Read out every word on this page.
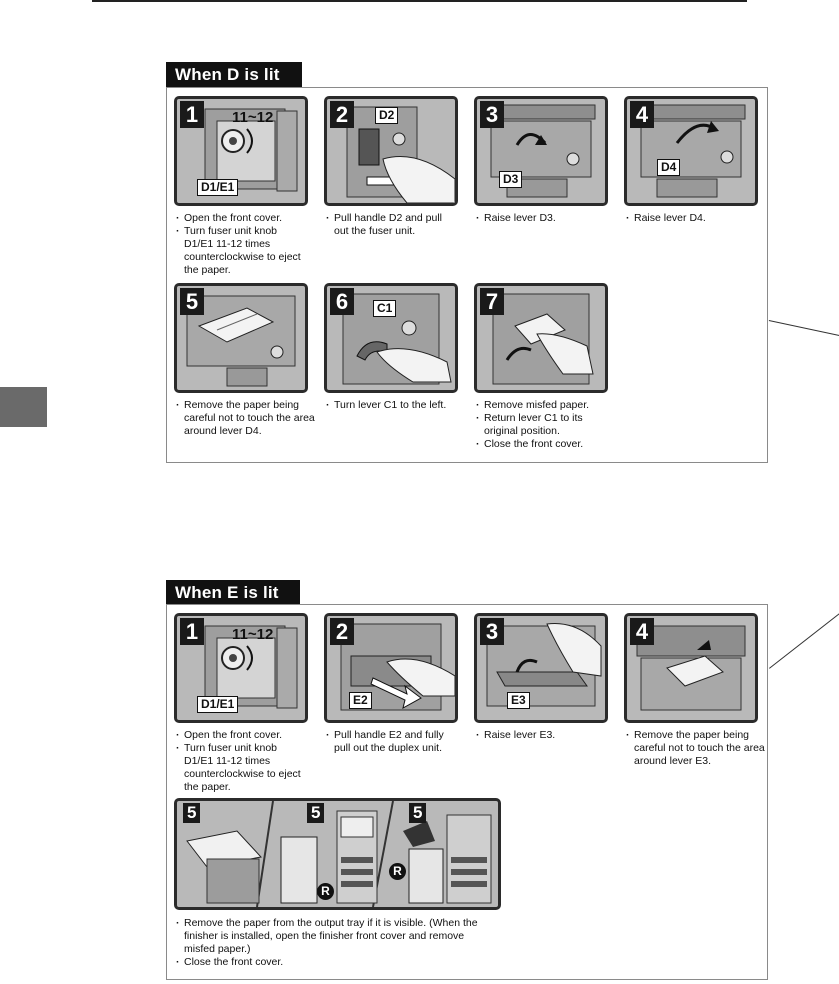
When D is lit
1	11~12
D1/E1

· Open the front cover.

· Turn fuser unit knob D1/E1 11-12 times counterclockwise to eject the paper.

2	D2

· Pull handle D2 and pull out the fuser unit.

3
D3

· Raise lever D3.

4
D4

· Raise lever D4.

5

· Remove the paper being careful not to touch the area around lever D4.

6	C1

· Turn lever C1 to the left.

7

· Remove misfed paper.

· Return lever C1 to its original position.

· Close the front cover.

When E is lit
1	11~12
D1/E1

· Open the front cover.

· Turn fuser unit knob D1/E1 11-12 times counterclockwise to eject the paper.

2
E2

· Pull handle E2 and fully pull out the duplex unit.

3
E3

· Raise lever E3.

4

· Remove the paper being careful not to touch the area around lever E3.

5	5	5
R
R

· Remove the paper from the output tray if it is visible. (When the finisher is installed, open the finisher front cover and remove misfed paper.)

· Close the front cover.
